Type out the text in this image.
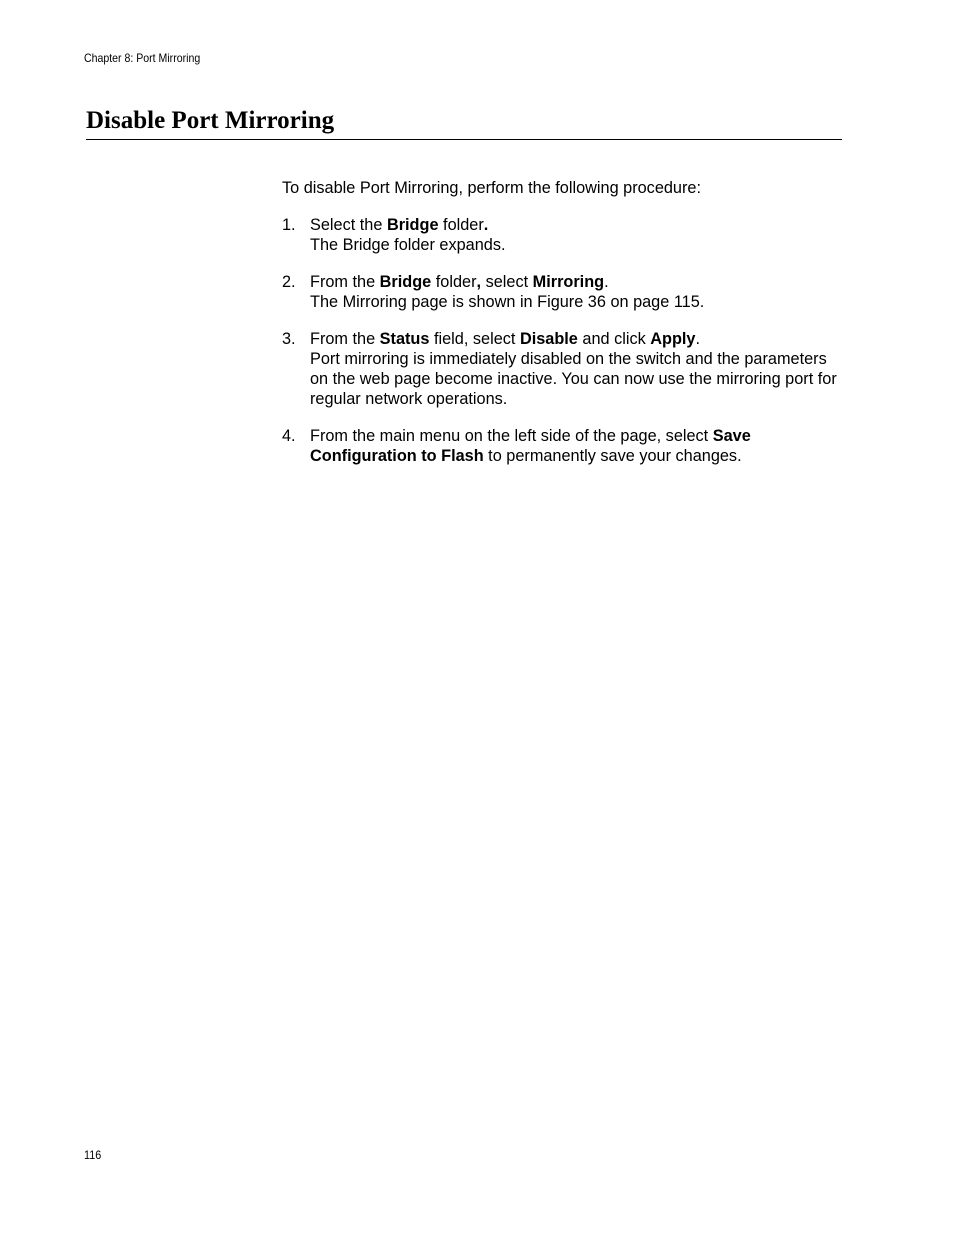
Chapter 8: Port Mirroring
Disable Port Mirroring

To disable Port Mirroring, perform the following procedure:

1. Select the Bridge folder.
The Bridge folder expands.
2. From the Bridge folder, select Mirroring.
The Mirroring page is shown in Figure 36 on page 115.
3. From the Status field, select Disable and click Apply.
Port mirroring is immediately disabled on the switch and the parameters on the web page become inactive. You can now use the mirroring port for regular network operations.
4. From the main menu on the left side of the page, select Save Configuration to Flash to permanently save your changes.
116
